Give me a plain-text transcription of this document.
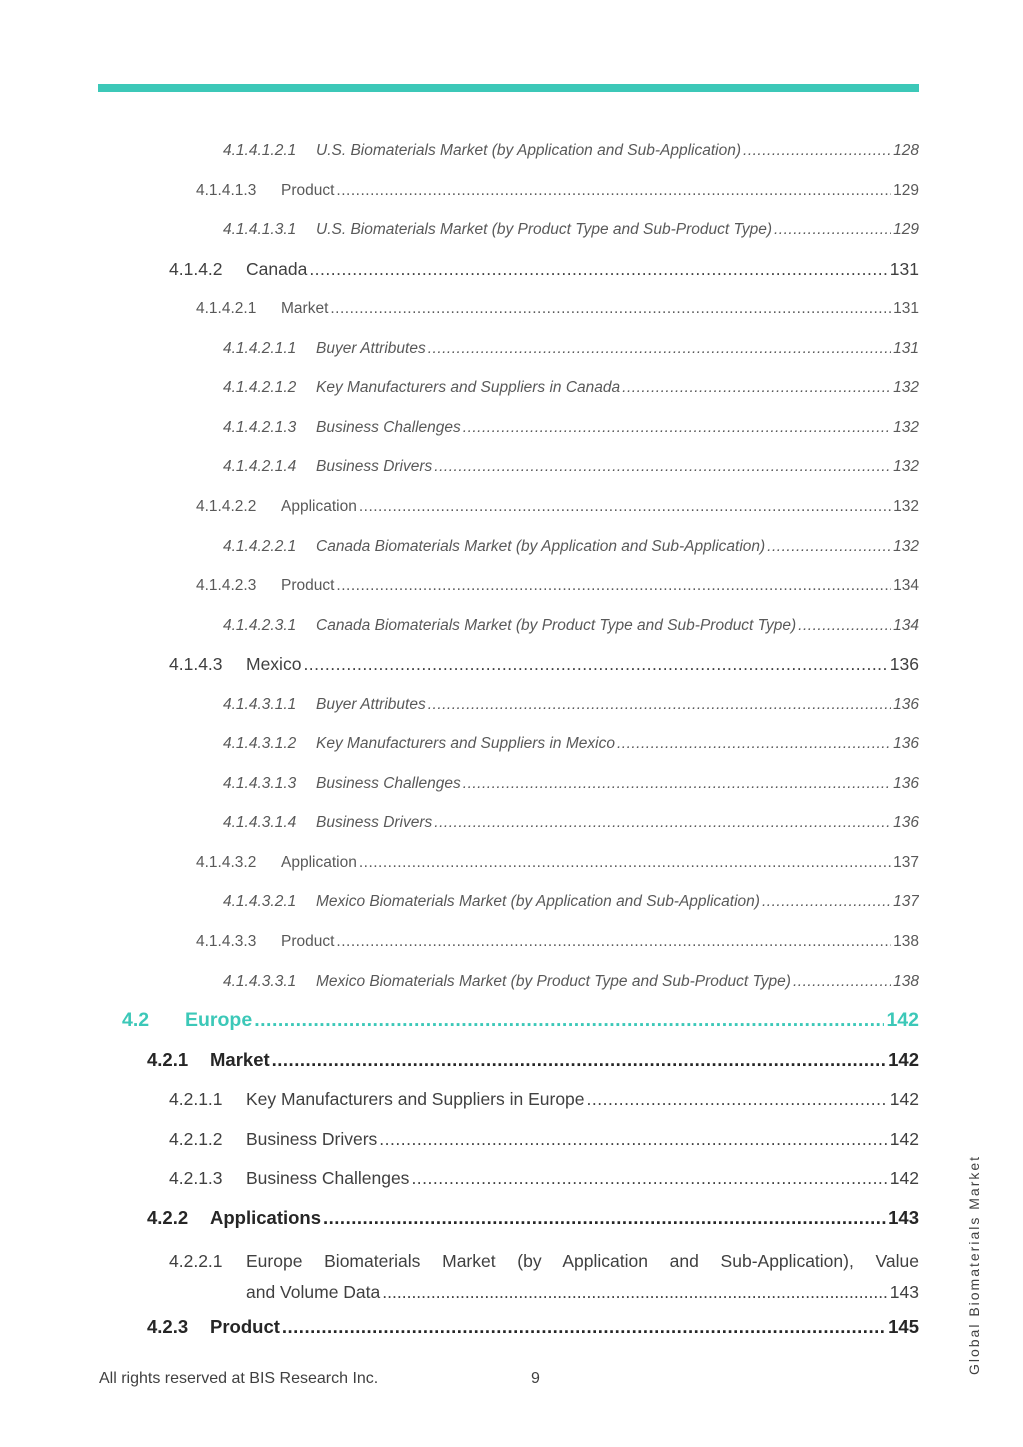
4.1.4.1.2.1	U.S. Biomaterials Market (by Application and Sub-Application) .....	128
4.1.4.1.3	Product .....	129
4.1.4.1.3.1	U.S. Biomaterials Market (by Product Type and Sub-Product Type) .....	129
4.1.4.2	Canada .....	131
4.1.4.2.1	Market .....	131
4.1.4.2.1.1	Buyer Attributes .....	131
4.1.4.2.1.2	Key Manufacturers and Suppliers in Canada .....	132
4.1.4.2.1.3	Business Challenges .....	132
4.1.4.2.1.4	Business Drivers .....	132
4.1.4.2.2	Application .....	132
4.1.4.2.2.1	Canada Biomaterials Market (by Application and Sub-Application) .....	132
4.1.4.2.3	Product .....	134
4.1.4.2.3.1	Canada Biomaterials Market (by Product Type and Sub-Product Type) .....	134
4.1.4.3	Mexico .....	136
4.1.4.3.1.1	Buyer Attributes .....	136
4.1.4.3.1.2	Key Manufacturers and Suppliers in Mexico .....	136
4.1.4.3.1.3	Business Challenges .....	136
4.1.4.3.1.4	Business Drivers .....	136
4.1.4.3.2	Application .....	137
4.1.4.3.2.1	Mexico Biomaterials Market (by Application and Sub-Application) .....	137
4.1.4.3.3	Product .....	138
4.1.4.3.3.1	Mexico Biomaterials Market (by Product Type and Sub-Product Type) .....	138
4.2	Europe .....	142
4.2.1	Market .....	142
4.2.1.1	Key Manufacturers and Suppliers in Europe .....	142
4.2.1.2	Business Drivers .....	142
4.2.1.3	Business Challenges .....	142
4.2.2	Applications .....	143
4.2.2.1	Europe Biomaterials Market (by Application and Sub-Application), Value
and Volume Data .....	143
4.2.3	Product .....	145
All rights reserved at BIS Research Inc.	9
Global Biomaterials Market
